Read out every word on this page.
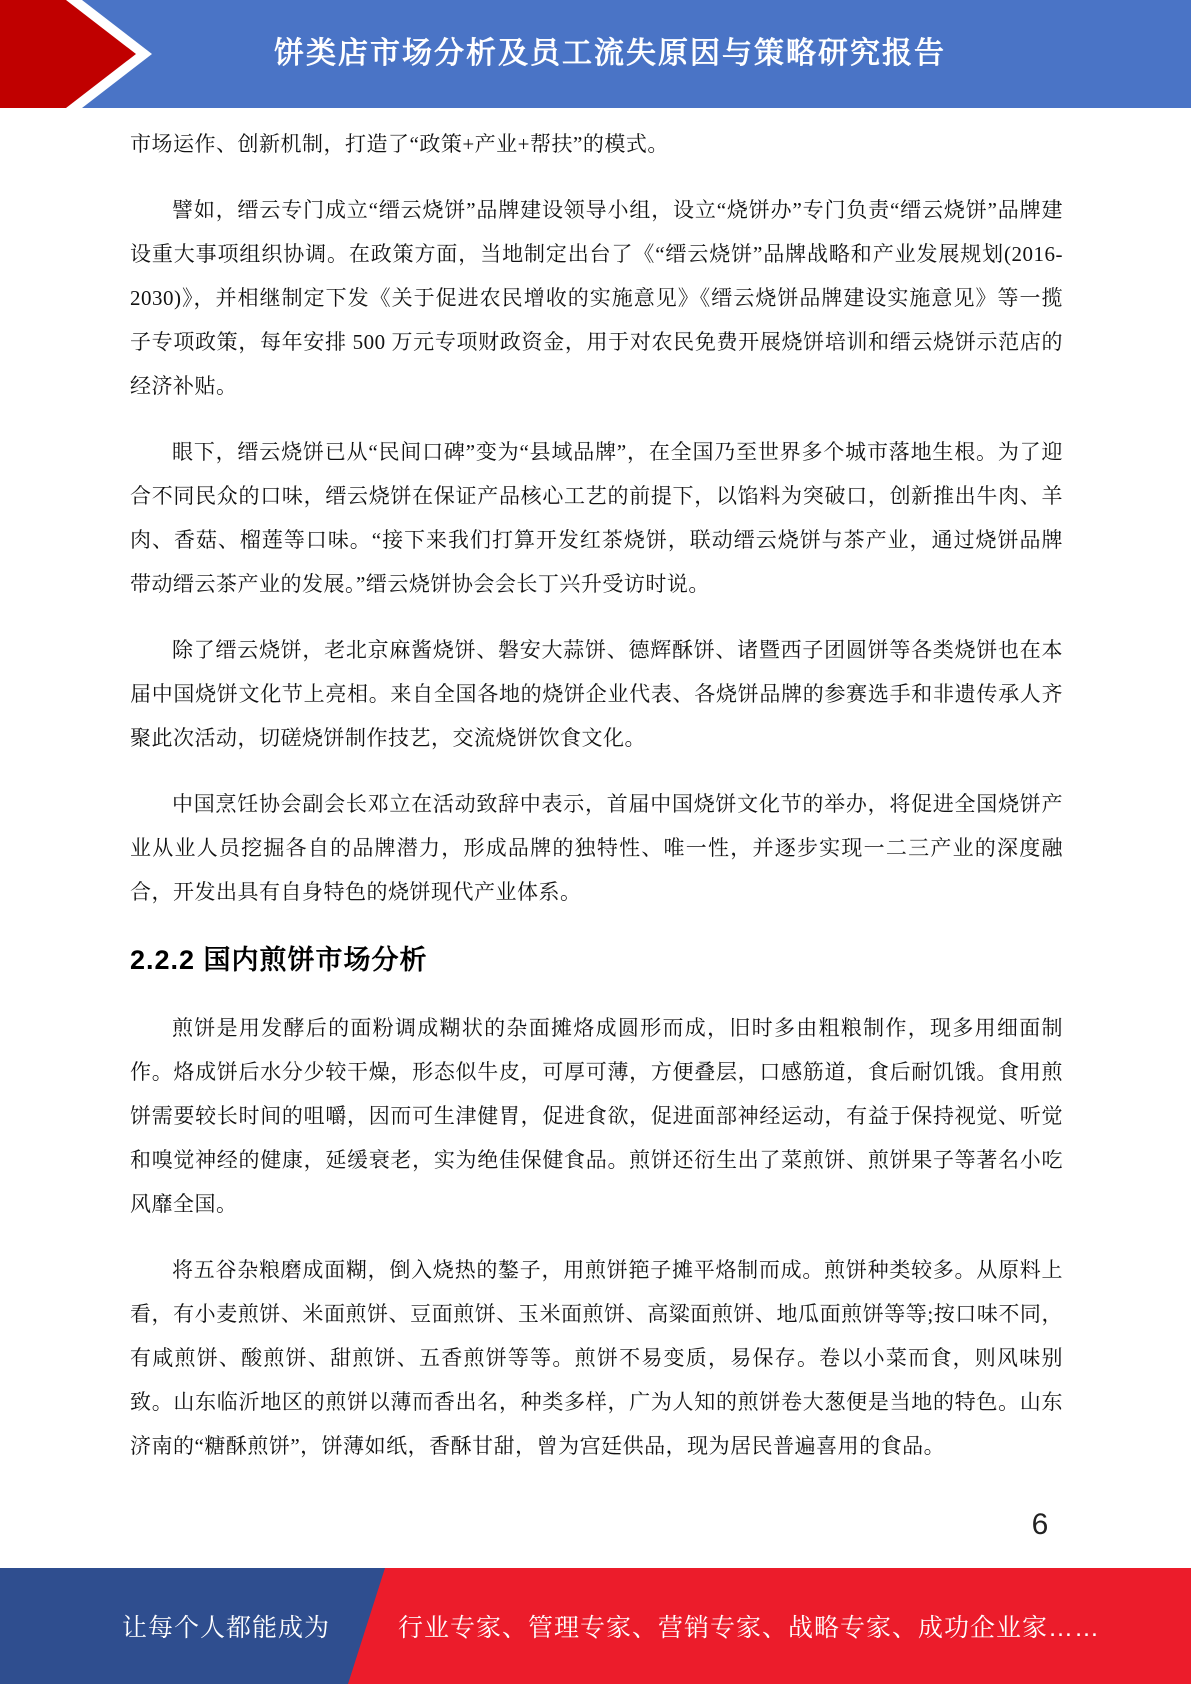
饼类店市场分析及员工流失原因与策略研究报告

市场运作、创新机制，打造了“政策+产业+帮扶”的模式。

譬如，缙云专门成立“缙云烧饼”品牌建设领导小组，设立“烧饼办”专门负责“缙云烧饼”品牌建设重大事项组织协调。在政策方面，当地制定出台了《“缙云烧饼”品牌战略和产业发展规划(2016-2030)》，并相继制定下发《关于促进农民增收的实施意见》《缙云烧饼品牌建设实施意见》等一揽子专项政策，每年安排 500 万元专项财政资金，用于对农民免费开展烧饼培训和缙云烧饼示范店的经济补贴。

眼下，缙云烧饼已从“民间口碑”变为“县域品牌”，在全国乃至世界多个城市落地生根。为了迎合不同民众的口味，缙云烧饼在保证产品核心工艺的前提下，以馅料为突破口，创新推出牛肉、羊肉、香菇、榴莲等口味。“接下来我们打算开发红茶烧饼，联动缙云烧饼与茶产业，通过烧饼品牌带动缙云茶产业的发展。”缙云烧饼协会会长丁兴升受访时说。

除了缙云烧饼，老北京麻酱烧饼、磐安大蒜饼、德辉酥饼、诸暨西子团圆饼等各类烧饼也在本届中国烧饼文化节上亮相。来自全国各地的烧饼企业代表、各烧饼品牌的参赛选手和非遗传承人齐聚此次活动，切磋烧饼制作技艺，交流烧饼饮食文化。

中国烹饪协会副会长邓立在活动致辞中表示，首届中国烧饼文化节的举办，将促进全国烧饼产业从业人员挖掘各自的品牌潜力，形成品牌的独特性、唯一性，并逐步实现一二三产业的深度融合，开发出具有自身特色的烧饼现代产业体系。

2.2.2 国内煎饼市场分析

煎饼是用发酵后的面粉调成糊状的杂面摊烙成圆形而成，旧时多由粗粮制作，现多用细面制作。烙成饼后水分少较干燥，形态似牛皮，可厚可薄，方便叠层，口感筋道，食后耐饥饿。食用煎饼需要较长时间的咀嚼，因而可生津健胃，促进食欲，促进面部神经运动，有益于保持视觉、听觉和嗅觉神经的健康，延缓衰老，实为绝佳保健食品。煎饼还衍生出了菜煎饼、煎饼果子等著名小吃风靡全国。

将五谷杂粮磨成面糊，倒入烧热的鏊子，用煎饼筢子摊平烙制而成。煎饼种类较多。从原料上看，有小麦煎饼、米面煎饼、豆面煎饼、玉米面煎饼、高粱面煎饼、地瓜面煎饼等等;按口味不同，有咸煎饼、酸煎饼、甜煎饼、五香煎饼等等。煎饼不易变质，易保存。卷以小菜而食，则风味别致。山东临沂地区的煎饼以薄而香出名，种类多样，广为人知的煎饼卷大葱便是当地的特色。山东济南的“糖酥煎饼”，饼薄如纸，香酥甘甜，曾为宫廷供品，现为居民普遍喜用的食品。

6
让每个人都能成为	行业专家、管理专家、营销专家、战略专家、成功企业家……
